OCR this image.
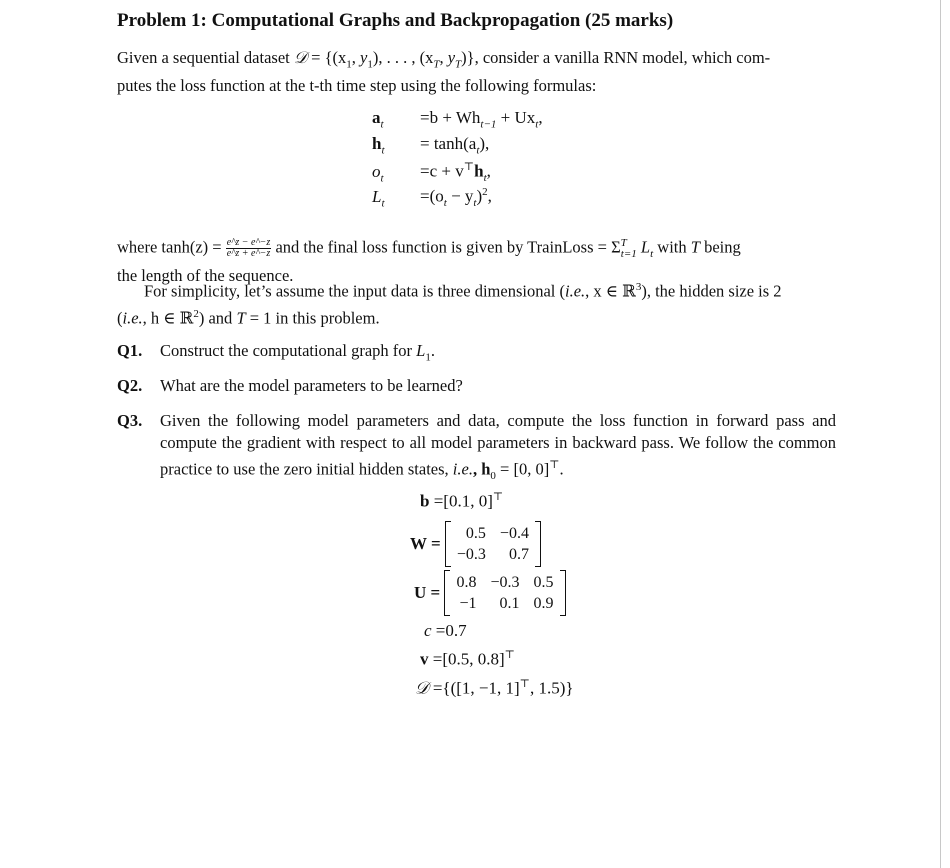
Problem 1: Computational Graphs and Backpropagation (25 marks)
Given a sequential dataset 𝒟 = {($x_1$, $y_1$), . . . , ($x_T$, $y_T$)}, consider a vanilla RNN model, which com-
putes the loss function at the t-th time step using the following formulas:
$a_t =b + Wh_{t-1} + Ux_t$,
$h_t = \tanh(a_t)$,
$o_t =c + v^⊤h_t$,
$L_t =(o_t - y_t)^2$,
where $\tanh(z) = \frac{e\^{}z - e\^{}-z}{e\^{}z + e\^{}-z}$ and the final loss function is given by TrainLoss = $\Sigma^T_{t=1}$ $L_t$ with T being
the length of the sequence.
For simplicity, let’s assume the input data is three dimensional (i.e., x ∈ ℝ$^3$), the hidden size is 2
(i.e., h ∈ ℝ$^2$) and T = 1 in this problem.
Q1. Construct the computational graph for $L_1$.
Q2. What are the model parameters to be learned?
Q3. Given the following model parameters and data, compute the loss function in forward pass and compute the gradient with respect to all model parameters in backward pass. We follow the common practice to use the zero initial hidden states, i.e., $h_0 = [0$, 0]⊤.
b =[0.1, 0]⊤
W =
0.5	−0.4
−0.3	0.7
U =
0.8	−0.3	0.5
−1	0.1	0.9
c =0.7
v =[0.5, 0.8]⊤
𝒟 ={([1, −1, 1]⊤, 1.5)}
